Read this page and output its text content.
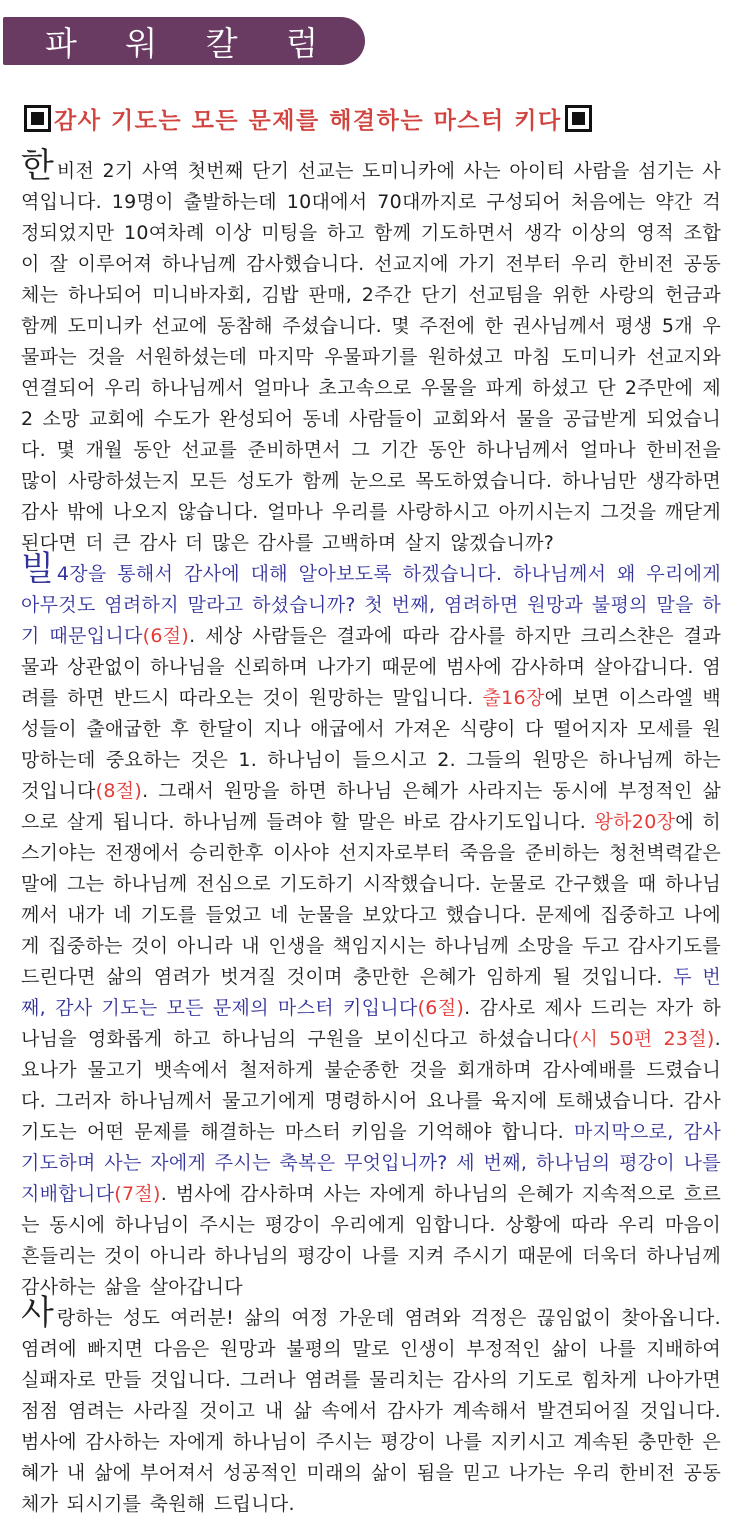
파 워 칼 럼
감사 기도는 모든 문제를 해결하는 마스터 키다

한비전 2기 사역 첫번째 단기 선교는 도미니카에 사는 아이티 사람을 섬기는 사역입니다. 19명이 출발하는데 10대에서 70대까지로 구성되어 처음에는 약간 걱정되었지만 10여차례 이상 미팅을 하고 함께 기도하면서 생각 이상의 영적 조합이 잘 이루어져 하나님께 감사했습니다. 선교지에 가기 전부터 우리 한비전 공동체는 하나되어 미니바자회, 김밥 판매, 2주간 단기 선교팀을 위한 사랑의 헌금과 함께 도미니카 선교에 동참해 주셨습니다. 몇 주전에 한 권사님께서 평생 5개 우물파는 것을 서원하셨는데 마지막 우물파기를 원하셨고 마침 도미니카 선교지와 연결되어 우리 하나님께서 얼마나 초고속으로 우물을 파게 하셨고 단 2주만에 제 2 소망 교회에 수도가 완성되어 동네 사람들이 교회와서 물을 공급받게 되었습니다. 몇 개월 동안 선교를 준비하면서 그 기간 동안 하나님께서 얼마나 한비전을 많이 사랑하셨는지 모든 성도가 함께 눈으로 목도하였습니다. 하나님만 생각하면 감사 밖에 나오지 않습니다. 얼마나 우리를 사랑하시고 아끼시는지 그것을 깨닫게 된다면 더 큰 감사 더 많은 감사를 고백하며 살지 않겠습니까?

빌 4장을 통해서 감사에 대해 알아보도록 하겠습니다. 하나님께서 왜 우리에게 아무것도 염려하지 말라고 하셨습니까? 첫 번째, 염려하면 원망과 불평의 말을 하기 때문입니다(6절). 세상 사람들은 결과에 따라 감사를 하지만 크리스챤은 결과물과 상관없이 하나님을 신뢰하며 나가기 때문에 범사에 감사하며 살아갑니다. 염려를 하면 반드시 따라오는 것이 원망하는 말입니다. 출16장에 보면 이스라엘 백성들이 출애굽한 후 한달이 지나 애굽에서 가져온 식량이 다 떨어지자 모세를 원망하는데 중요하는 것은 1. 하나님이 들으시고 2. 그들의 원망은 하나님께 하는 것입니다(8절). 그래서 원망을 하면 하나님 은혜가 사라지는 동시에 부정적인 삶으로 살게 됩니다. 하나님께 들려야 할 말은 바로 감사기도입니다. 왕하20장에 히스기야는 전쟁에서 승리한후 이사야 선지자로부터 죽음을 준비하는 청천벽력같은 말에 그는 하나님께 전심으로 기도하기 시작했습니다. 눈물로 간구했을 때 하나님께서 내가 네 기도를 들었고 네 눈물을 보았다고 했습니다. 문제에 집중하고 나에게 집중하는 것이 아니라 내 인생을 책임지시는 하나님께 소망을 두고 감사기도를 드린다면 삶의 염려가 벗겨질 것이며 충만한 은혜가 임하게 될 것입니다. 두 번째, 감사 기도는 모든 문제의 마스터 키입니다(6절). 감사로 제사 드리는 자가 하나님을 영화롭게 하고 하나님의 구원을 보이신다고 하셨습니다(시 50편 23절). 요나가 물고기 뱃속에서 철저하게 불순종한 것을 회개하며 감사예배를 드렸습니다. 그러자 하나님께서 물고기에게 명령하시어 요나를 육지에 토해냈습니다. 감사기도는 어떤 문제를 해결하는 마스터 키임을 기억해야 합니다. 마지막으로, 감사기도하며 사는 자에게 주시는 축복은 무엇입니까? 세 번째, 하나님의 평강이 나를 지배합니다(7절). 범사에 감사하며 사는 자에게 하나님의 은혜가 지속적으로 흐르는 동시에 하나님이 주시는 평강이 우리에게 임합니다. 상황에 따라 우리 마음이 흔들리는 것이 아니라 하나님의 평강이 나를 지켜 주시기 때문에 더욱더 하나님께 감사하는 삶을 살아갑니다

사랑하는 성도 여러분! 삶의 여정 가운데 염려와 걱정은 끊임없이 찾아옵니다. 염려에 빠지면 다음은 원망과 불평의 말로 인생이 부정적인 삶이 나를 지배하여 실패자로 만들 것입니다. 그러나 염려를 물리치는 감사의 기도로 힘차게 나아가면 점점 염려는 사라질 것이고 내 삶 속에서 감사가 계속해서 발견되어질 것입니다. 범사에 감사하는 자에게 하나님이 주시는 평강이 나를 지키시고 계속된 충만한 은혜가 내 삶에 부어져서 성공적인 미래의 삶이 됨을 믿고 나가는 우리 한비전 공동체가 되시기를 축원해 드립니다.
